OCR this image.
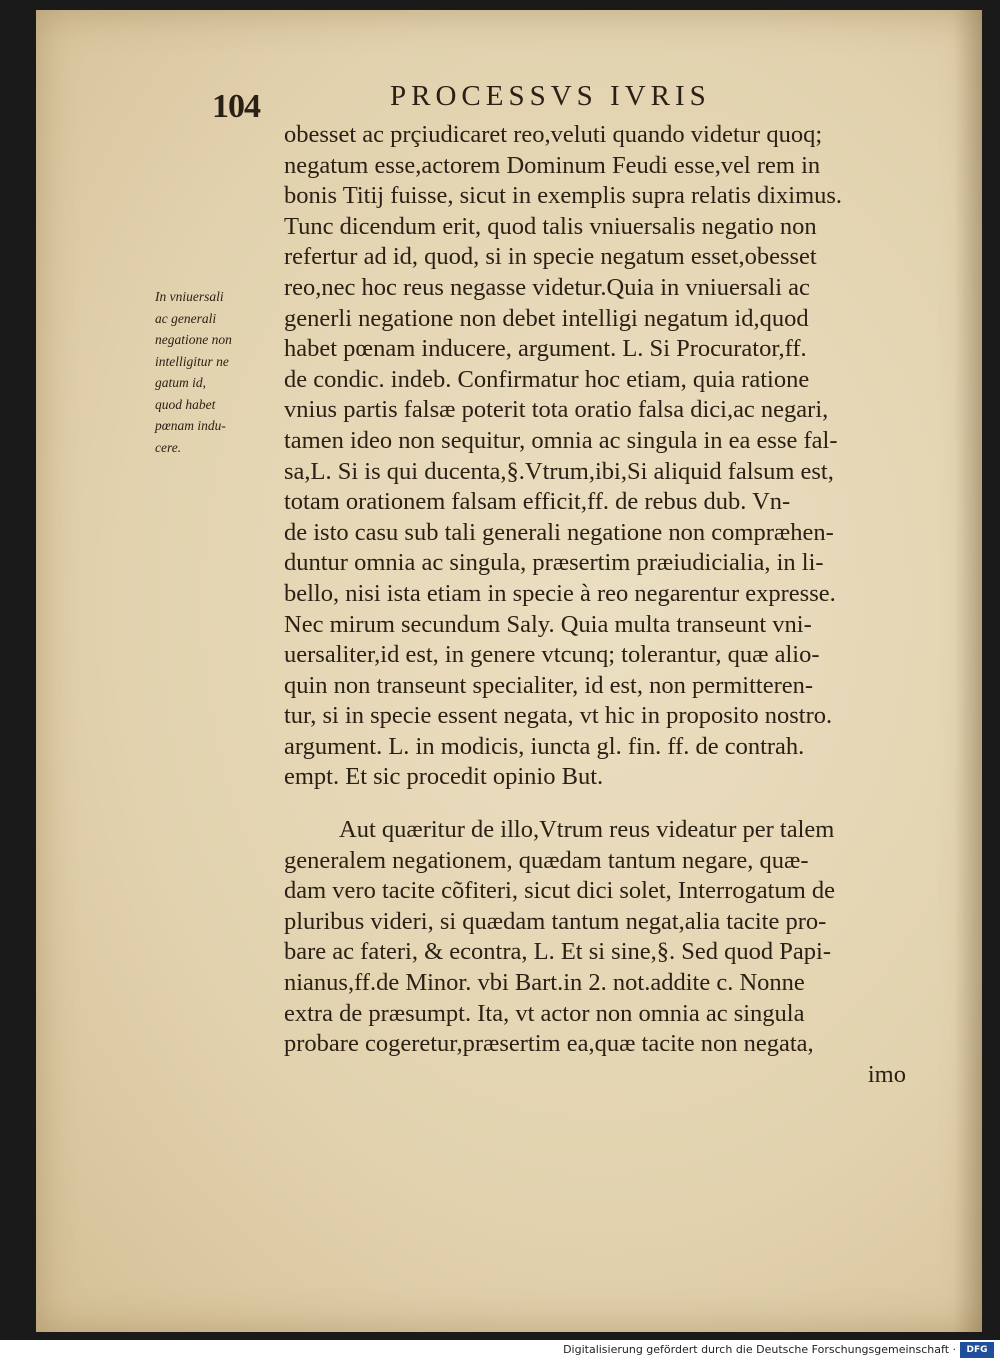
104	PROCESSVS IVRIS
In vniuersali
ac generali
negatione non
intelligitur ne
gatum id,
quod habet
pœnam indu-
cere.
obesset ac prçiudicaret reo,veluti quando videtur quoq;
negatum esse,actorem Dominum Feudi esse,vel rem in
bonis Titij fuisse, sicut in exemplis supra relatis diximus.
Tunc dicendum erit, quod talis vniuersalis negatio non
refertur ad id, quod, si in specie negatum esset,obesset
reo,nec hoc reus negasse videtur.Quia in vniuersali ac
generli negatione non debet intelligi negatum id,quod
habet pœnam inducere, argument. L. Si Procurator,ff.
de condic. indeb. Confirmatur hoc etiam, quia ratione
vnius partis falsæ poterit tota oratio falsa dici,ac negari,
tamen ideo non sequitur, omnia ac singula in ea esse fal-
sa,L. Si is qui ducenta,§.Vtrum,ibi,Si aliquid falsum est,
totam orationem falsam efficit,ff. de rebus dub. Vn-
de isto casu sub tali generali negatione non compræhen-
duntur omnia ac singula, præsertim præiudicialia, in li-
bello, nisi ista etiam in specie à reo negarentur expresse.
Nec mirum secundum Saly. Quia multa transeunt vni-
uersaliter,id est, in genere vtcunq; tolerantur, quæ alio-
quin non transeunt specialiter, id est, non permitteren-
tur, si in specie essent negata, vt hic in proposito nostro.
argument. L. in modicis, iuncta gl. fin. ff. de contrah.
empt. Et sic procedit opinio But.
Aut quæritur de illo,Vtrum reus videatur per talem
generalem negationem, quædam tantum negare, quæ-
dam vero tacite cõfiteri, sicut dici solet, Interrogatum de
pluribus videri, si quædam tantum negat,alia tacite pro-
bare ac fateri, & econtra, L. Et si sine,§. Sed quod Papi-
nianus,ff.de Minor. vbi Bart.in 2. not.addite c. Nonne
extra de præsumpt. Ita, vt actor non omnia ac singula
probare cogeretur,præsertim ea,quæ tacite non negata,
imo
Digitalisierung gefördert durch die Deutsche Forschungsgemeinschaft ·	DFG
